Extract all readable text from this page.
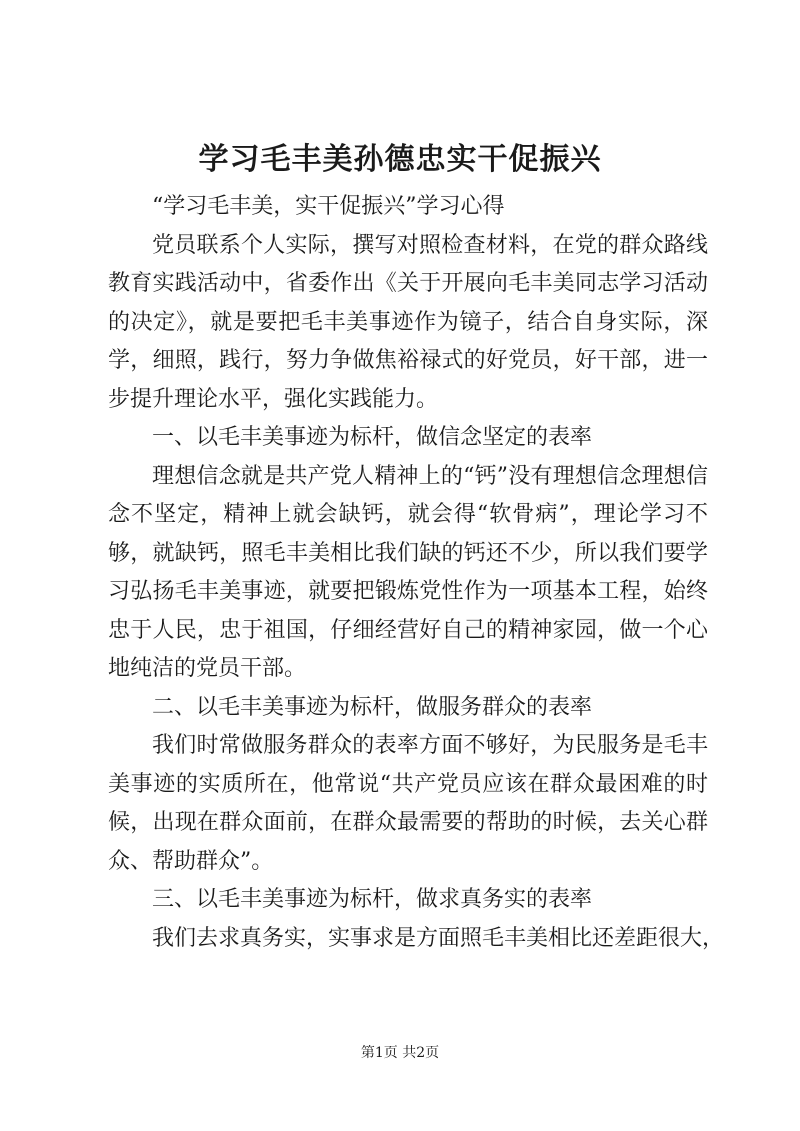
学习毛丰美孙德忠实干促振兴

“学习毛丰美，实干促振兴”学习心得

党员联系个人实际，撰写对照检查材料，在党的群众路线教育实践活动中，省委作出《关于开展向毛丰美同志学习活动的决定》，就是要把毛丰美事迹作为镜子，结合自身实际，深学，细照，践行，努力争做焦裕禄式的好党员，好干部，进一步提升理论水平，强化实践能力。

一、以毛丰美事迹为标杆，做信念坚定的表率

理想信念就是共产党人精神上的“钙”没有理想信念理想信念不坚定，精神上就会缺钙，就会得“软骨病”，理论学习不够，就缺钙，照毛丰美相比我们缺的钙还不少，所以我们要学习弘扬毛丰美事迹，就要把锻炼党性作为一项基本工程，始终忠于人民，忠于祖国，仔细经营好自己的精神家园，做一个心地纯洁的党员干部。

二、以毛丰美事迹为标杆，做服务群众的表率

我们时常做服务群众的表率方面不够好，为民服务是毛丰美事迹的实质所在，他常说“共产党员应该在群众最困难的时候，出现在群众面前，在群众最需要的帮助的时候，去关心群众、帮助群众”。

三、以毛丰美事迹为标杆，做求真务实的表率

我们去求真务实，实事求是方面照毛丰美相比还差距很大，

第1页 共2页
